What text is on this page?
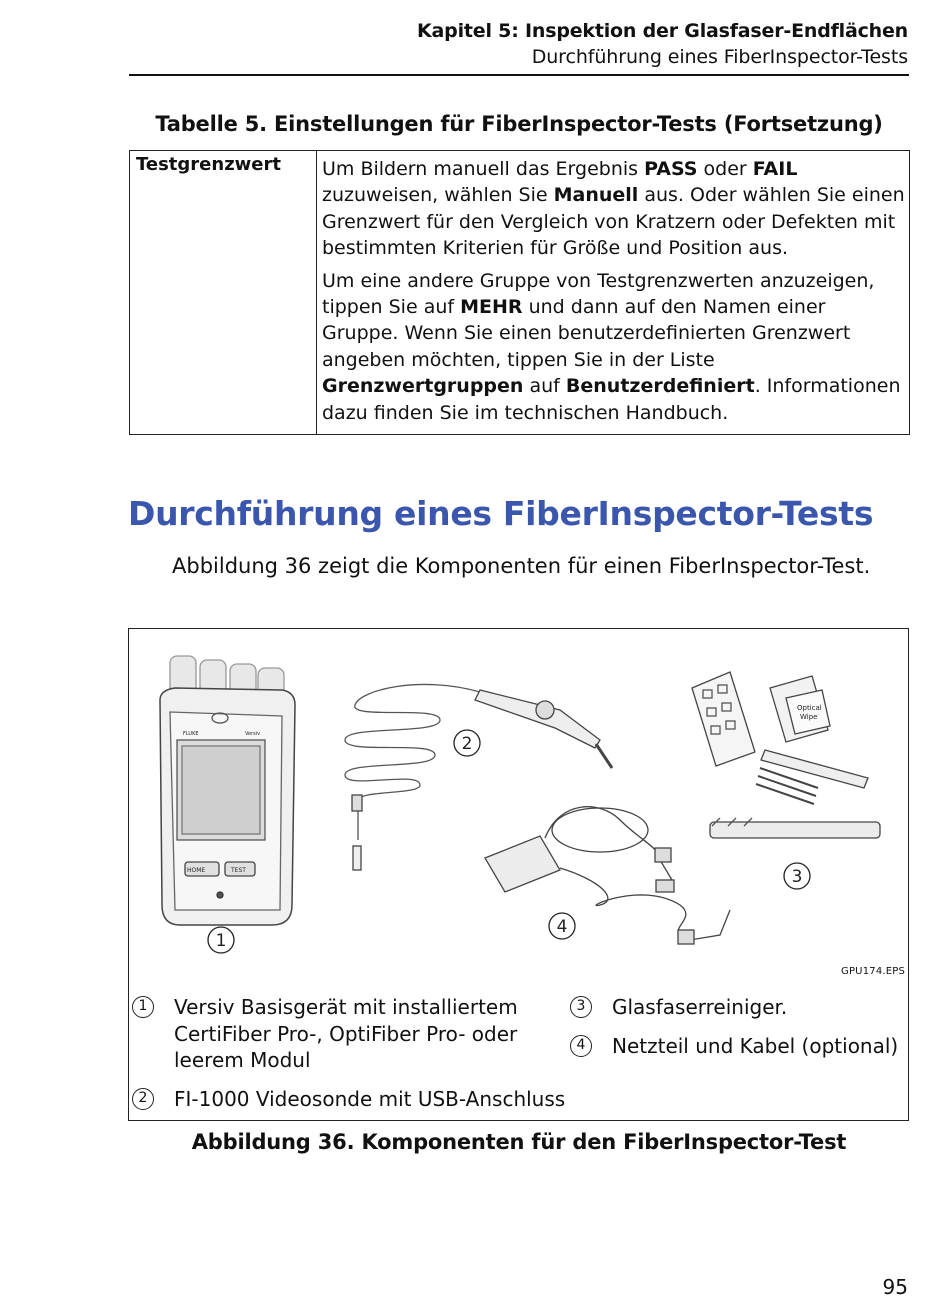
Kapitel 5: Inspektion der Glasfaser-Endflächen
Durchführung eines FiberInspector-Tests
Tabelle 5. Einstellungen für FiberInspector-Tests (Fortsetzung)
Testgrenzwert	Um Bildern manuell das Ergebnis PASS oder FAIL zuzuweisen, wählen Sie Manuell aus. Oder wählen Sie einen Grenzwert für den Vergleich von Kratzern oder Defekten mit bestimmten Kriterien für Größe und Position aus.

Um eine andere Gruppe von Testgrenzwerten anzuzeigen, tippen Sie auf MEHR und dann auf den Namen einer Gruppe. Wenn Sie einen benutzerdefinierten Grenzwert angeben möchten, tippen Sie in der Liste Grenzwertgruppen auf Benutzerdefiniert. Informationen dazu finden Sie im technischen Handbuch.

Durchführung eines FiberInspector-Tests

Abbildung 36 zeigt die Komponenten für einen FiberInspector-Test.

HOME	TEST
FLUKE	Versiv
Optical
Wipe
1
2
3
4
GPU174.EPS
1	Versiv Basisgerät mit installiertem CertiFiber Pro-, OptiFiber Pro- oder leerem Modul
2	FI-1000 Videosonde mit USB-Anschluss
3	Glasfaserreiniger.
4	Netzteil und Kabel (optional)
Abbildung 36. Komponenten für den FiberInspector-Test
95
